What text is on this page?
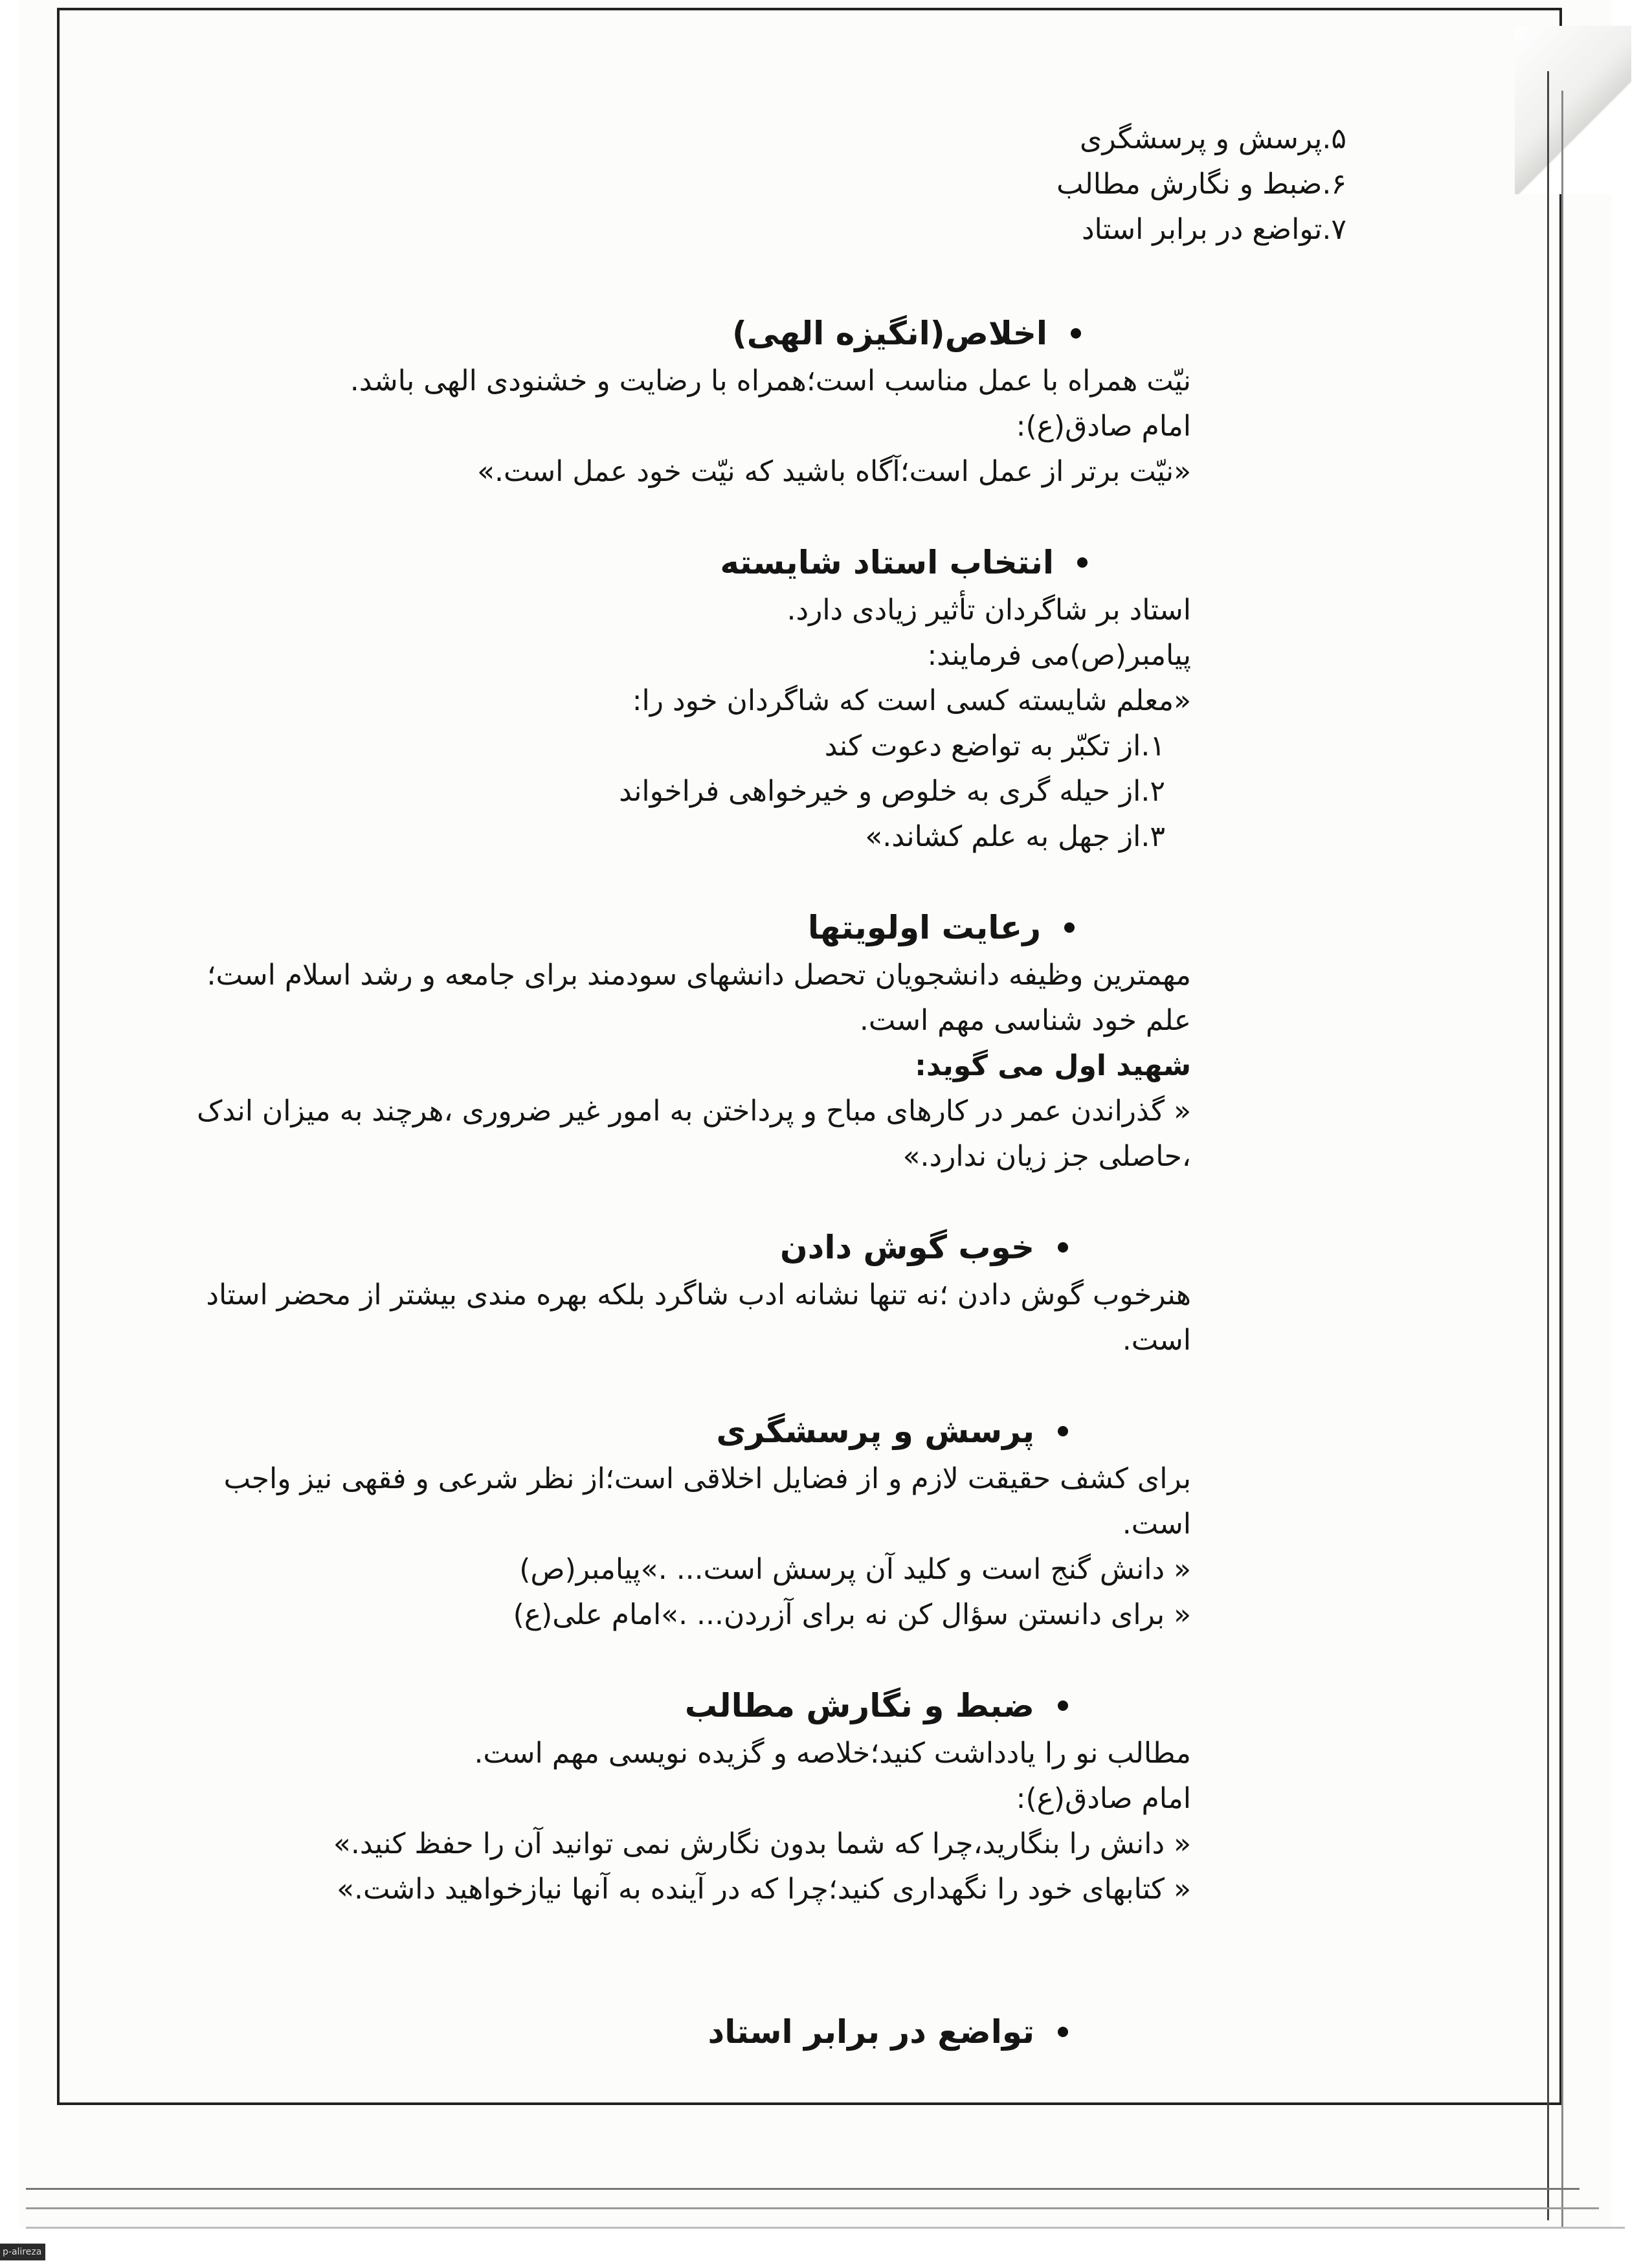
۵.پرسش و پرسشگری

۶.ضبط و نگارش مطالب

۷.تواضع در برابر استاد

اخلاص(انگیزه الهی)

نیّت همراه با عمل مناسب است؛همراه با رضایت و خشنودی الهی باشد.

امام صادق(ع):

«نیّت برتر از عمل است؛آگاه باشید که نیّت خود عمل است.»

انتخاب استاد شایسته

استاد بر شاگردان تأثیر زیادی دارد.

پیامبر(ص)می فرمایند:

«معلم شایسته کسی است که شاگردان خود را:

۱.از تکبّر به تواضع دعوت کند

۲.از حیله گری به خلوص و خیرخواهی فراخواند

۳.از جهل به علم کشاند.»

رعایت اولویتها

مهمترین وظیفه دانشجویان تحصل دانشهای سودمند برای جامعه و رشد اسلام است؛علم خود شناسی مهم است.

شهید اول می گوید:

« گذراندن عمر در کارهای مباح و پرداختن به امور غیر ضروری ،هرچند به میزان اندک ،حاصلی جز زیان ندارد.»

خوب گوش دادن

هنرخوب گوش دادن ؛نه تنها نشانه ادب شاگرد بلکه بهره مندی بیشتر از محضر استاد است.

پرسش و پرسشگری

برای کشف حقیقت لازم و از فضایل اخلاقی است؛از نظر شرعی و فقهی نیز واجب است.

« دانش گنج است و کلید آن پرسش است... .»پیامبر(ص)

« برای دانستن سؤال کن نه برای آزردن... .»امام علی(ع)

ضبط و نگارش مطالب

مطالب نو را یادداشت کنید؛خلاصه و گزیده نویسی مهم است.

امام صادق(ع):

« دانش را بنگارید،چرا که شما بدون نگارش نمی توانید آن را حفظ کنید.»

« کتابهای خود را نگهداری کنید؛چرا که در آینده به آنها نیازخواهید داشت.»

تواضع در برابر استاد
p-alireza
